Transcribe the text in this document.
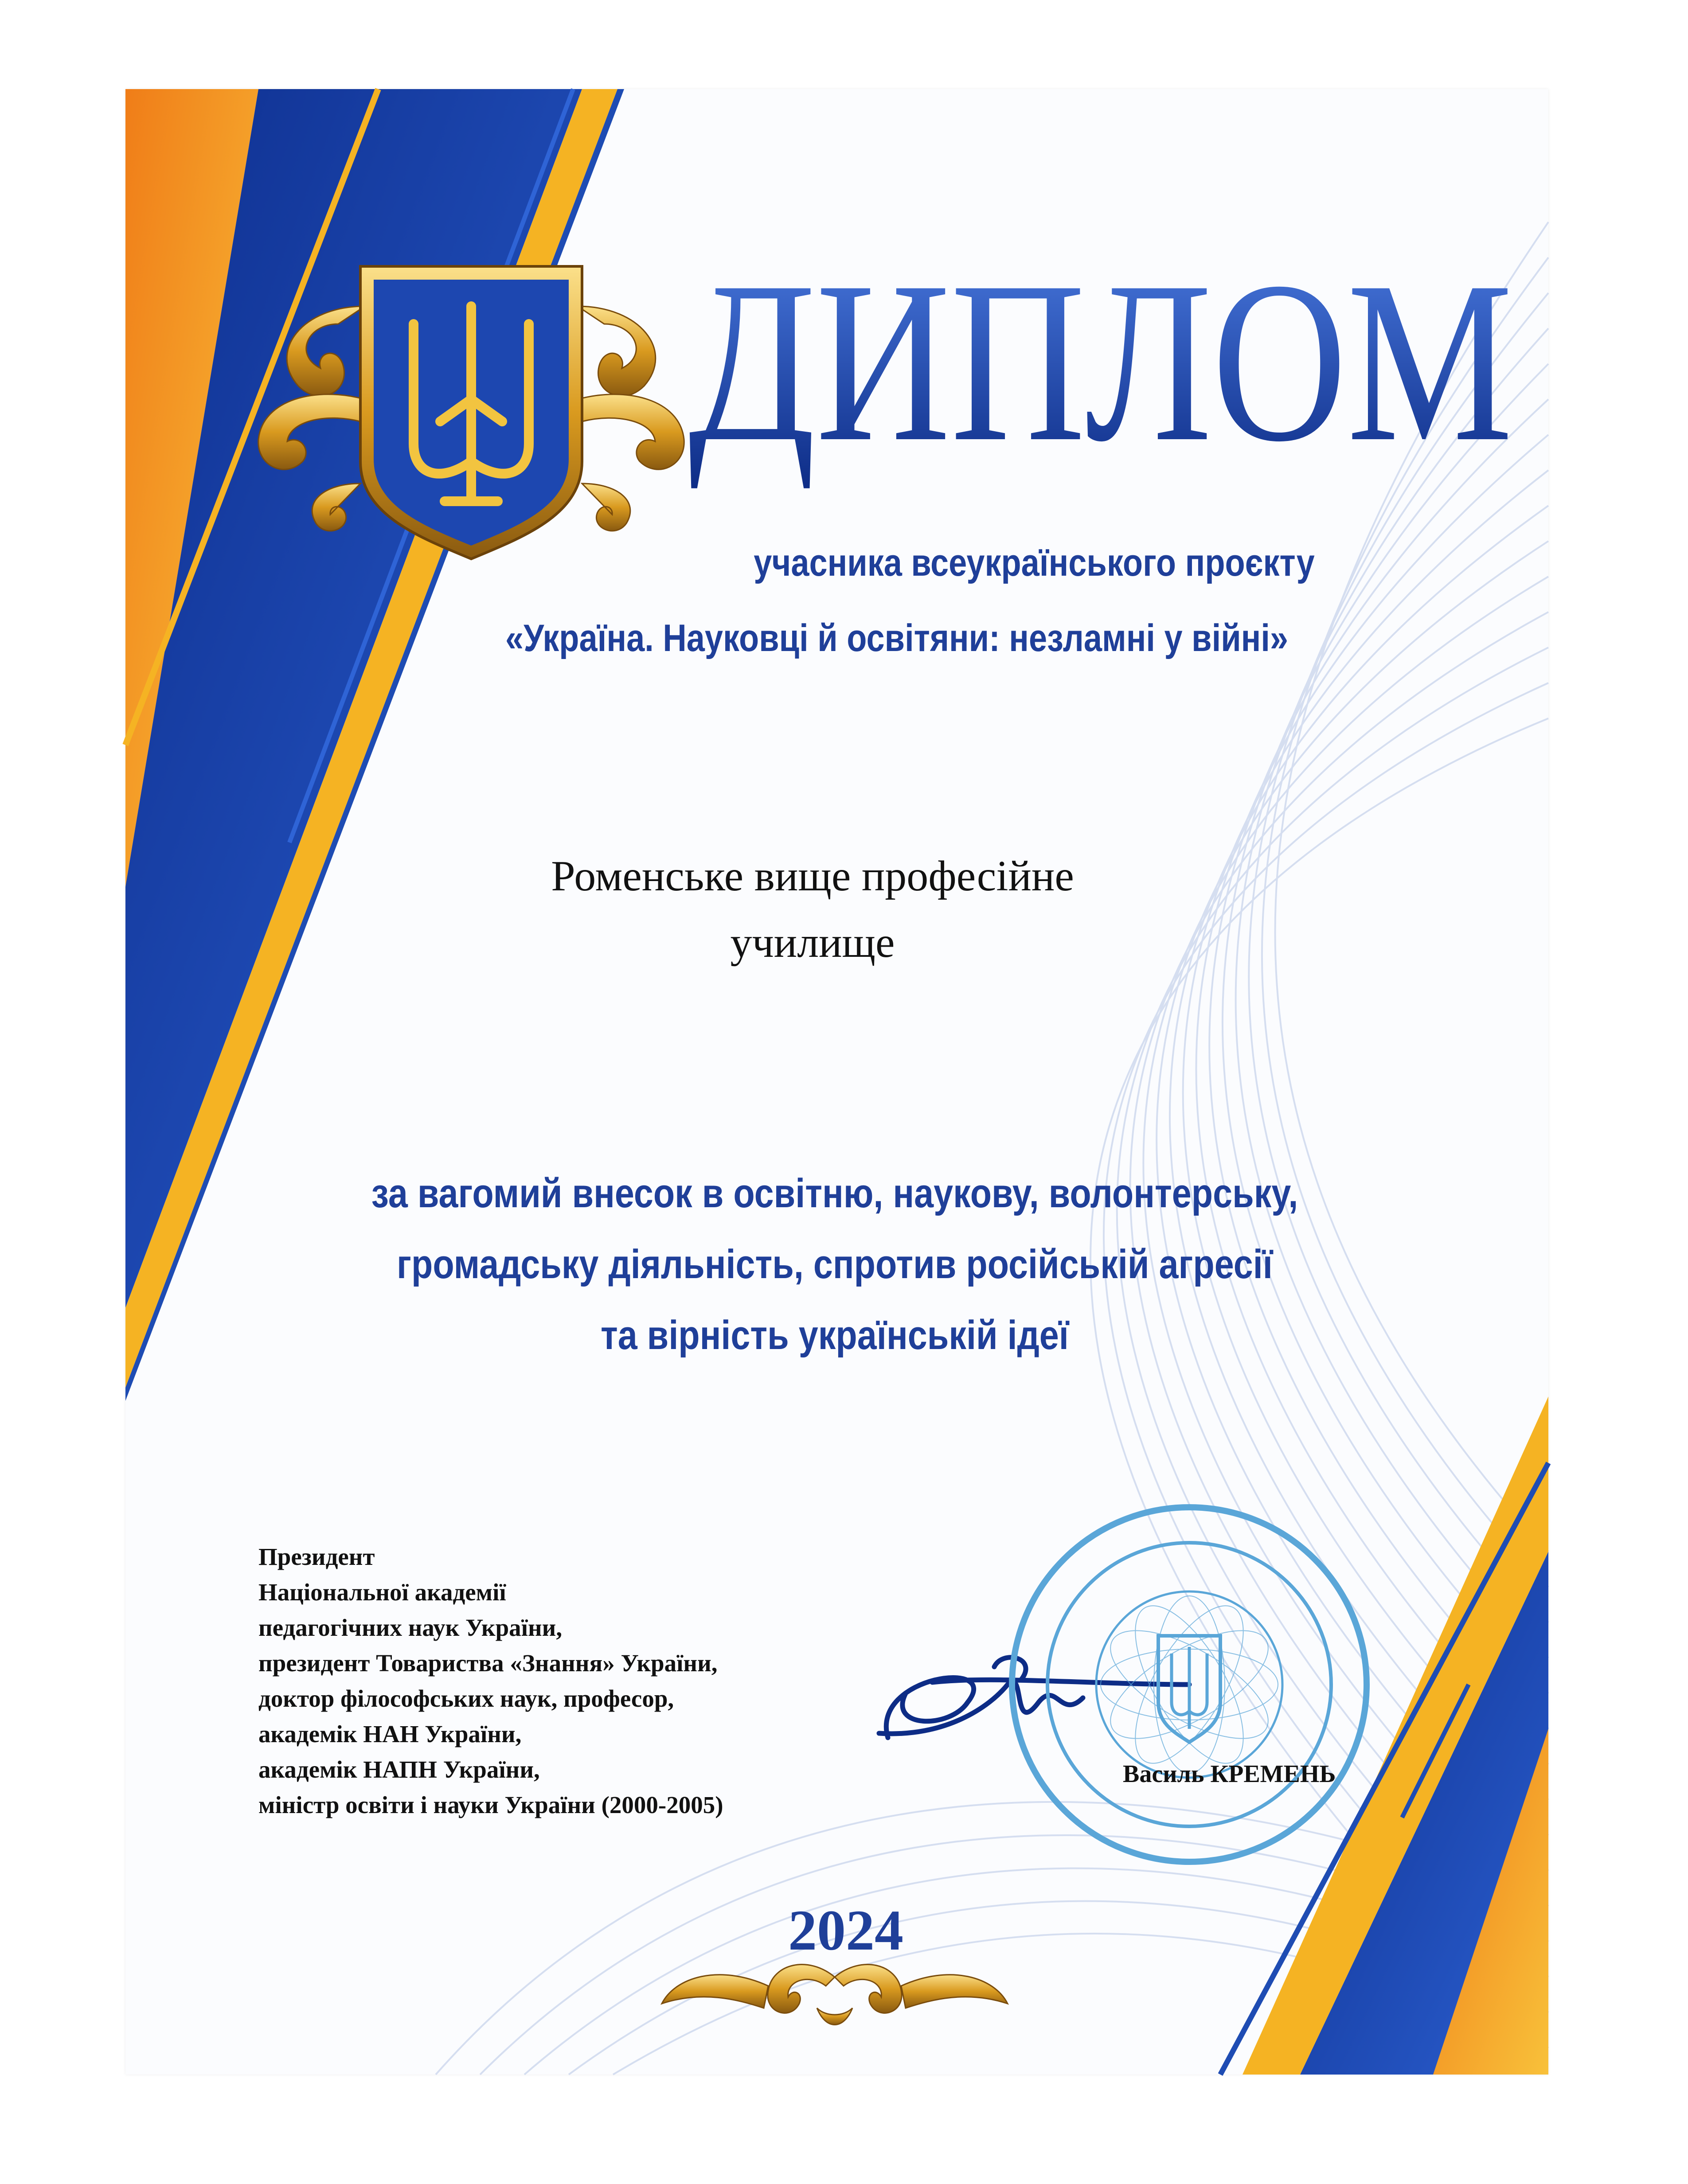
ДИПЛОМ

учасника всеукраїнського проєкту

«Україна. Науковці й освітяни: незламні у війні»

Роменське вище професійне

училище

за вагомий внесок в освітню, наукову, волонтерську,

громадську діяльність, спротив російській агресії

та вірність українській ідеї

Президент

Національної академії

педагогічних наук України,

президент Товариства «Знання» України,

доктор філософських наук, професор,

академік НАН України,

академік НАПН України,

міністр освіти і науки України (2000-2005)

Василь КРЕМЕНЬ

2024
